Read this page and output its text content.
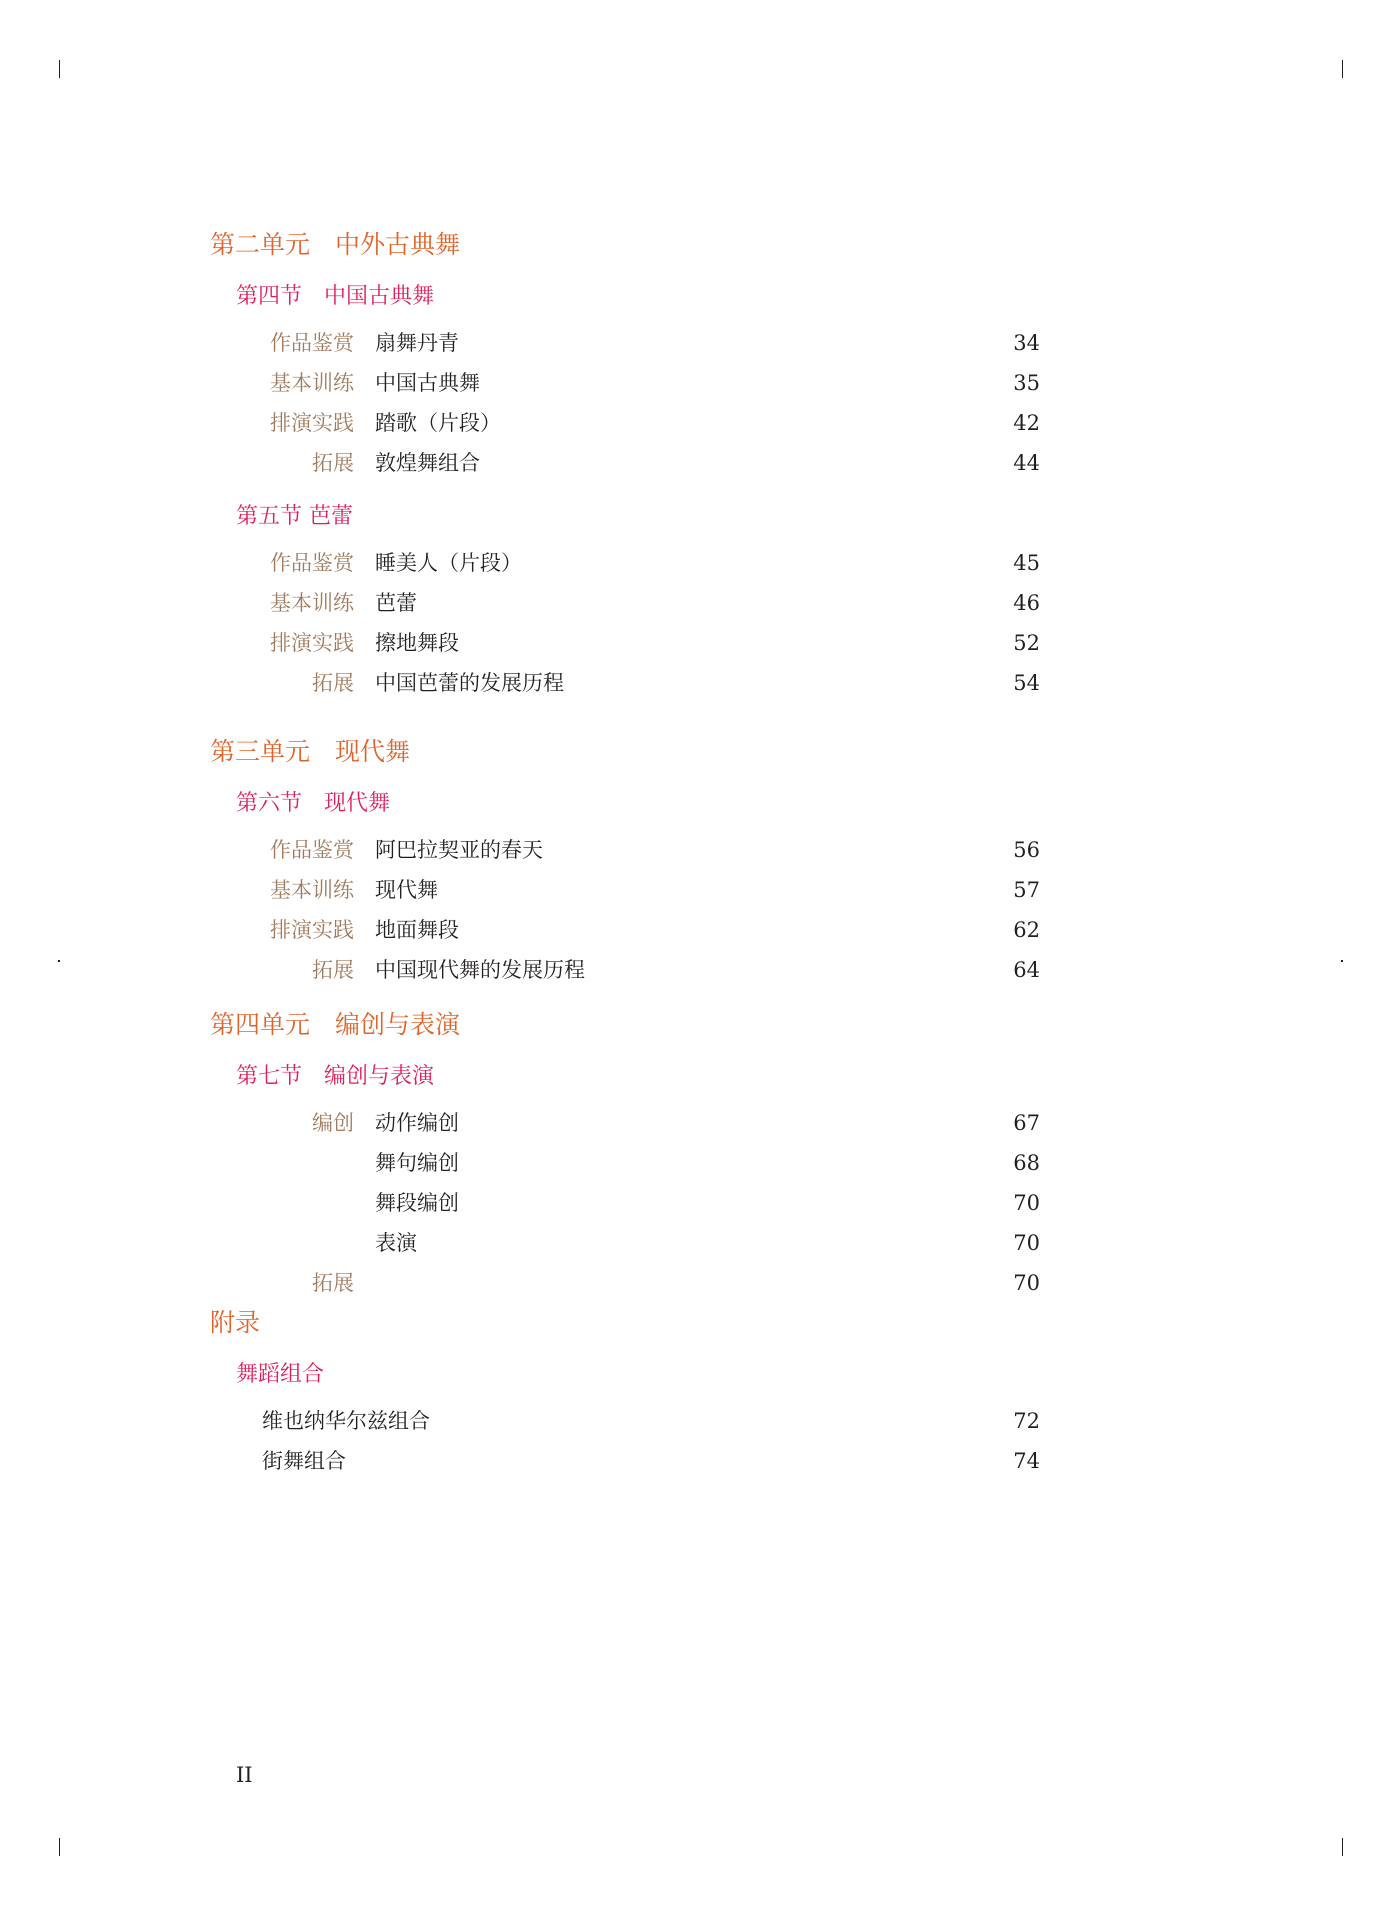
第二单元　中外古典舞
第四节　中国古典舞
作品鉴赏 扇舞丹青	34
基本训练 中国古典舞	35
排演实践 踏歌（片段）	42
拓展 敦煌舞组合	44
第五节 芭蕾
作品鉴赏 睡美人（片段）	45
基本训练 芭蕾	46
排演实践 擦地舞段	52
拓展 中国芭蕾的发展历程	54
第三单元　现代舞
第六节　现代舞
作品鉴赏 阿巴拉契亚的春天	56
基本训练 现代舞	57
排演实践 地面舞段	62
拓展 中国现代舞的发展历程	64
第四单元　编创与表演
第七节　编创与表演
编创 动作编创	67
舞句编创	68
舞段编创	70
表演	70
拓展	70
附录
舞蹈组合
维也纳华尔兹组合	72
街舞组合	74
II
